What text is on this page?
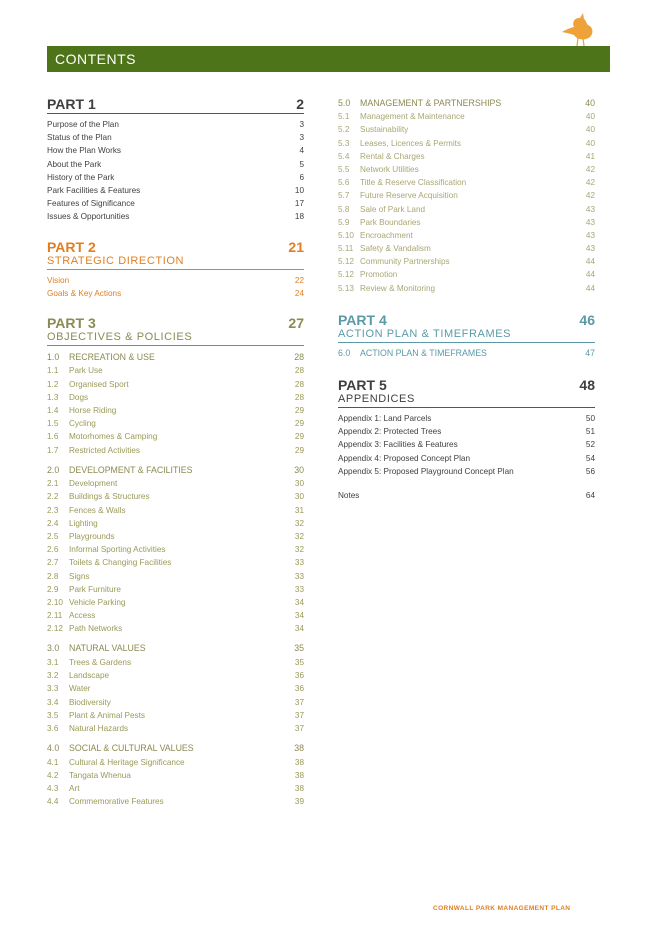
CONTENTS
PART 1	2
Purpose of the Plan	3
Status of the Plan	3
How the Plan Works	4
About the Park	5
History of the Park	6
Park Facilities & Features	10
Features of Significance	17
Issues & Opportunities	18
PART 2	21
STRATEGIC DIRECTION
Vision	22
Goals & Key Actions	24
PART 3	27
OBJECTIVES & POLICIES
1.0	RECREATION & USE	28
1.1	Park Use	28
1.2	Organised Sport	28
1.3	Dogs	28
1.4	Horse Riding	29
1.5	Cycling	29
1.6	Motorhomes & Camping	29
1.7	Restricted Activities	29
2.0	DEVELOPMENT & FACILITIES	30
2.1	Development	30
2.2	Buildings & Structures	30
2.3	Fences & Walls	31
2.4	Lighting	32
2.5	Playgrounds	32
2.6	Informal Sporting Activities	32
2.7	Toilets & Changing Facilities	33
2.8	Signs	33
2.9	Park Furniture	33
2.10 Vehicle Parking	34
2.11 Access	34
2.12 Path Networks	34
3.0	NATURAL VALUES	35
3.1	Trees & Gardens	35
3.2	Landscape	36
3.3	Water	36
3.4	Biodiversity	37
3.5	Plant & Animal Pests	37
3.6	Natural Hazards	37
4.0	SOCIAL & CULTURAL VALUES	38
4.1	Cultural & Heritage Significance	38
4.2	Tangata Whenua	38
4.3	Art	38
4.4	Commemorative Features	39
5.0	MANAGEMENT & PARTNERSHIPS	40
5.1	Management & Maintenance	40
5.2	Sustainability	40
5.3	Leases, Licences & Permits	40
5.4	Rental & Charges	41
5.5	Network Utilities	42
5.6	Title & Reserve Classification	42
5.7	Future Reserve Acquisition	42
5.8	Sale of Park Land	43
5.9	Park Boundaries	43
5.10 Encroachment	43
5.11 Safety & Vandalism	43
5.12 Community Partnerships	44
5.12 Promotion	44
5.13 Review & Monitoring	44
PART 4	46
ACTION PLAN & TIMEFRAMES
6.0	ACTION PLAN & TIMEFRAMES	47
PART 5	48
APPENDICES
Appendix 1: Land Parcels	50
Appendix 2: Protected Trees	51
Appendix 3: Facilities & Features	52
Appendix 4: Proposed Concept Plan	54
Appendix 5: Proposed Playground Concept Plan	56
Notes	64
CORNWALL PARK MANAGEMENT PLAN
